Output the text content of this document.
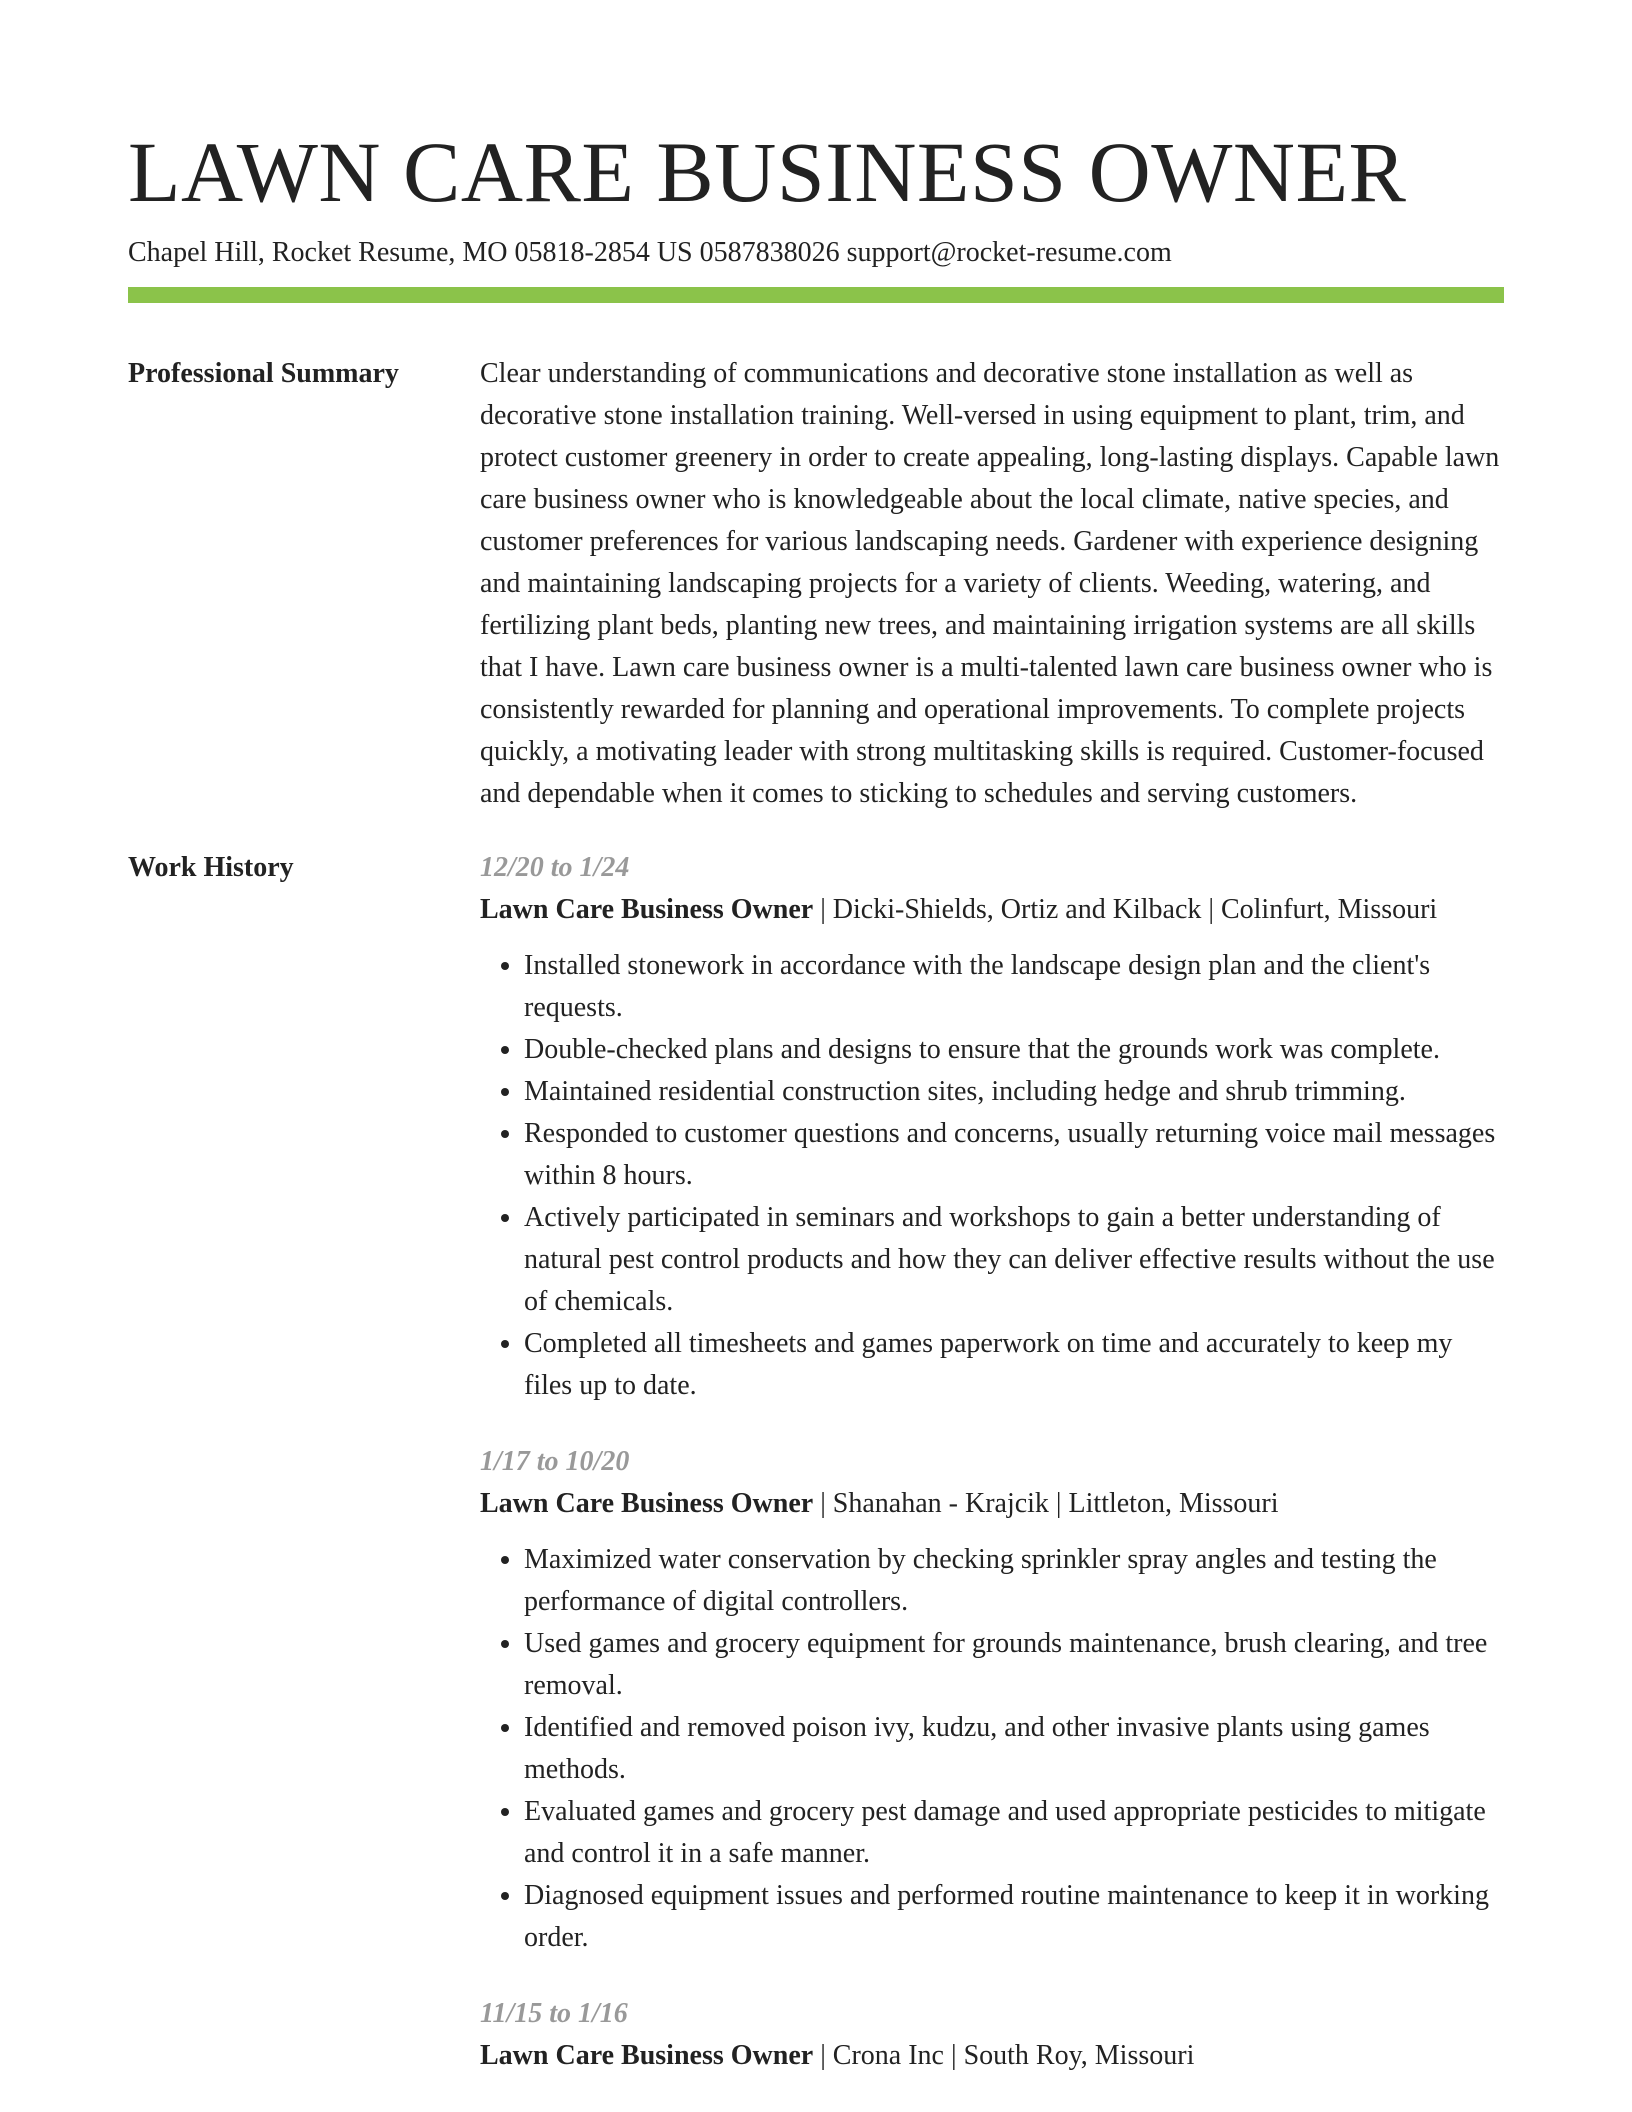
LAWN CARE BUSINESS OWNER
Chapel Hill, Rocket Resume, MO 05818-2854 US 0587838026 support@rocket-resume.com
Professional Summary	Clear understanding of communications and decorative stone installation as well as decorative stone installation training. Well-versed in using equipment to plant, trim, and protect customer greenery in order to create appealing, long-lasting displays. Capable lawn care business owner who is knowledgeable about the local climate, native species, and customer preferences for various landscaping needs. Gardener with experience designing and maintaining landscaping projects for a variety of clients. Weeding, watering, and fertilizing plant beds, planting new trees, and maintaining irrigation systems are all skills that I have. Lawn care business owner is a multi-talented lawn care business owner who is consistently rewarded for planning and operational improvements. To complete projects quickly, a motivating leader with strong multitasking skills is required. Customer-focused and dependable when it comes to sticking to schedules and serving customers.

Work History	12/20 to 1/24
Lawn Care Business Owner | Dicki-Shields, Ortiz and Kilback | Colinfurt, Missouri
• Installed stonework in accordance with the landscape design plan and the client's requests.
• Double-checked plans and designs to ensure that the grounds work was complete.
• Maintained residential construction sites, including hedge and shrub trimming.
• Responded to customer questions and concerns, usually returning voice mail messages within 8 hours.
• Actively participated in seminars and workshops to gain a better understanding of natural pest control products and how they can deliver effective results without the use of chemicals.
• Completed all timesheets and games paperwork on time and accurately to keep my files up to date.
1/17 to 10/20
Lawn Care Business Owner | Shanahan - Krajcik | Littleton, Missouri
• Maximized water conservation by checking sprinkler spray angles and testing the performance of digital controllers.
• Used games and grocery equipment for grounds maintenance, brush clearing, and tree removal.
• Identified and removed poison ivy, kudzu, and other invasive plants using games methods.
• Evaluated games and grocery pest damage and used appropriate pesticides to mitigate and control it in a safe manner.
• Diagnosed equipment issues and performed routine maintenance to keep it in working order.
11/15 to 1/16
Lawn Care Business Owner | Crona Inc | South Roy, Missouri
